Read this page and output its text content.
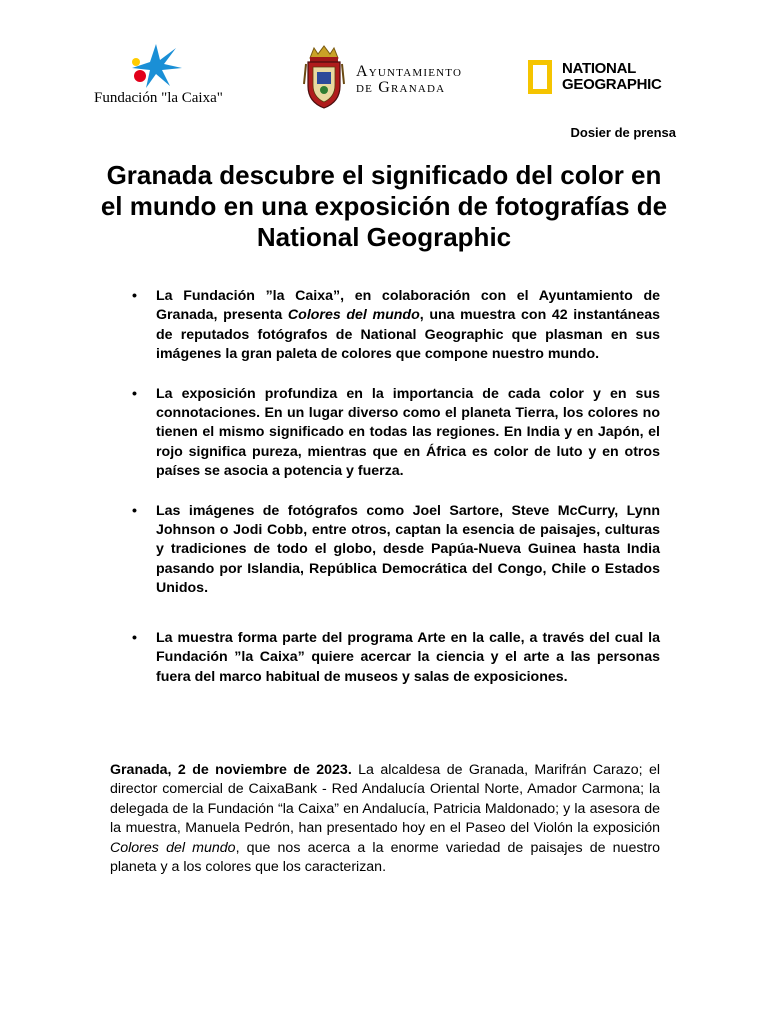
Fundación "la Caixa"
Ayuntamiento
de Granada
NATIONAL
GEOGRAPHIC
Dosier de prensa
Granada descubre el significado del color en el mundo en una exposición de fotografías de National Geographic
• La Fundación ”la Caixa”, en colaboración con el Ayuntamiento de Granada, presenta Colores del mundo, una muestra con 42 instantáneas de reputados fotógrafos de National Geographic que plasman en sus imágenes la gran paleta de colores que compone nuestro mundo.
• La exposición profundiza en la importancia de cada color y en sus connotaciones. En un lugar diverso como el planeta Tierra, los colores no tienen el mismo significado en todas las regiones. En India y en Japón, el rojo significa pureza, mientras que en África es color de luto y en otros países se asocia a potencia y fuerza.
• Las imágenes de fotógrafos como Joel Sartore, Steve McCurry, Lynn Johnson o Jodi Cobb, entre otros, captan la esencia de paisajes, culturas y tradiciones de todo el globo, desde Papúa-Nueva Guinea hasta India pasando por Islandia, República Democrática del Congo, Chile o Estados Unidos.
• La muestra forma parte del programa Arte en la calle, a través del cual la Fundación ”la Caixa” quiere acercar la ciencia y el arte a las personas fuera del marco habitual de museos y salas de exposiciones.
Granada, 2 de noviembre de 2023. La alcaldesa de Granada, Marifrán Carazo; el director comercial de CaixaBank - Red Andalucía Oriental Norte, Amador Carmona; la delegada de la Fundación “la Caixa” en Andalucía, Patricia Maldonado; y la asesora de la muestra, Manuela Pedrón, han presentado hoy en el Paseo del Violón la exposición Colores del mundo, que nos acerca a la enorme variedad de paisajes de nuestro planeta y a los colores que los caracterizan.
